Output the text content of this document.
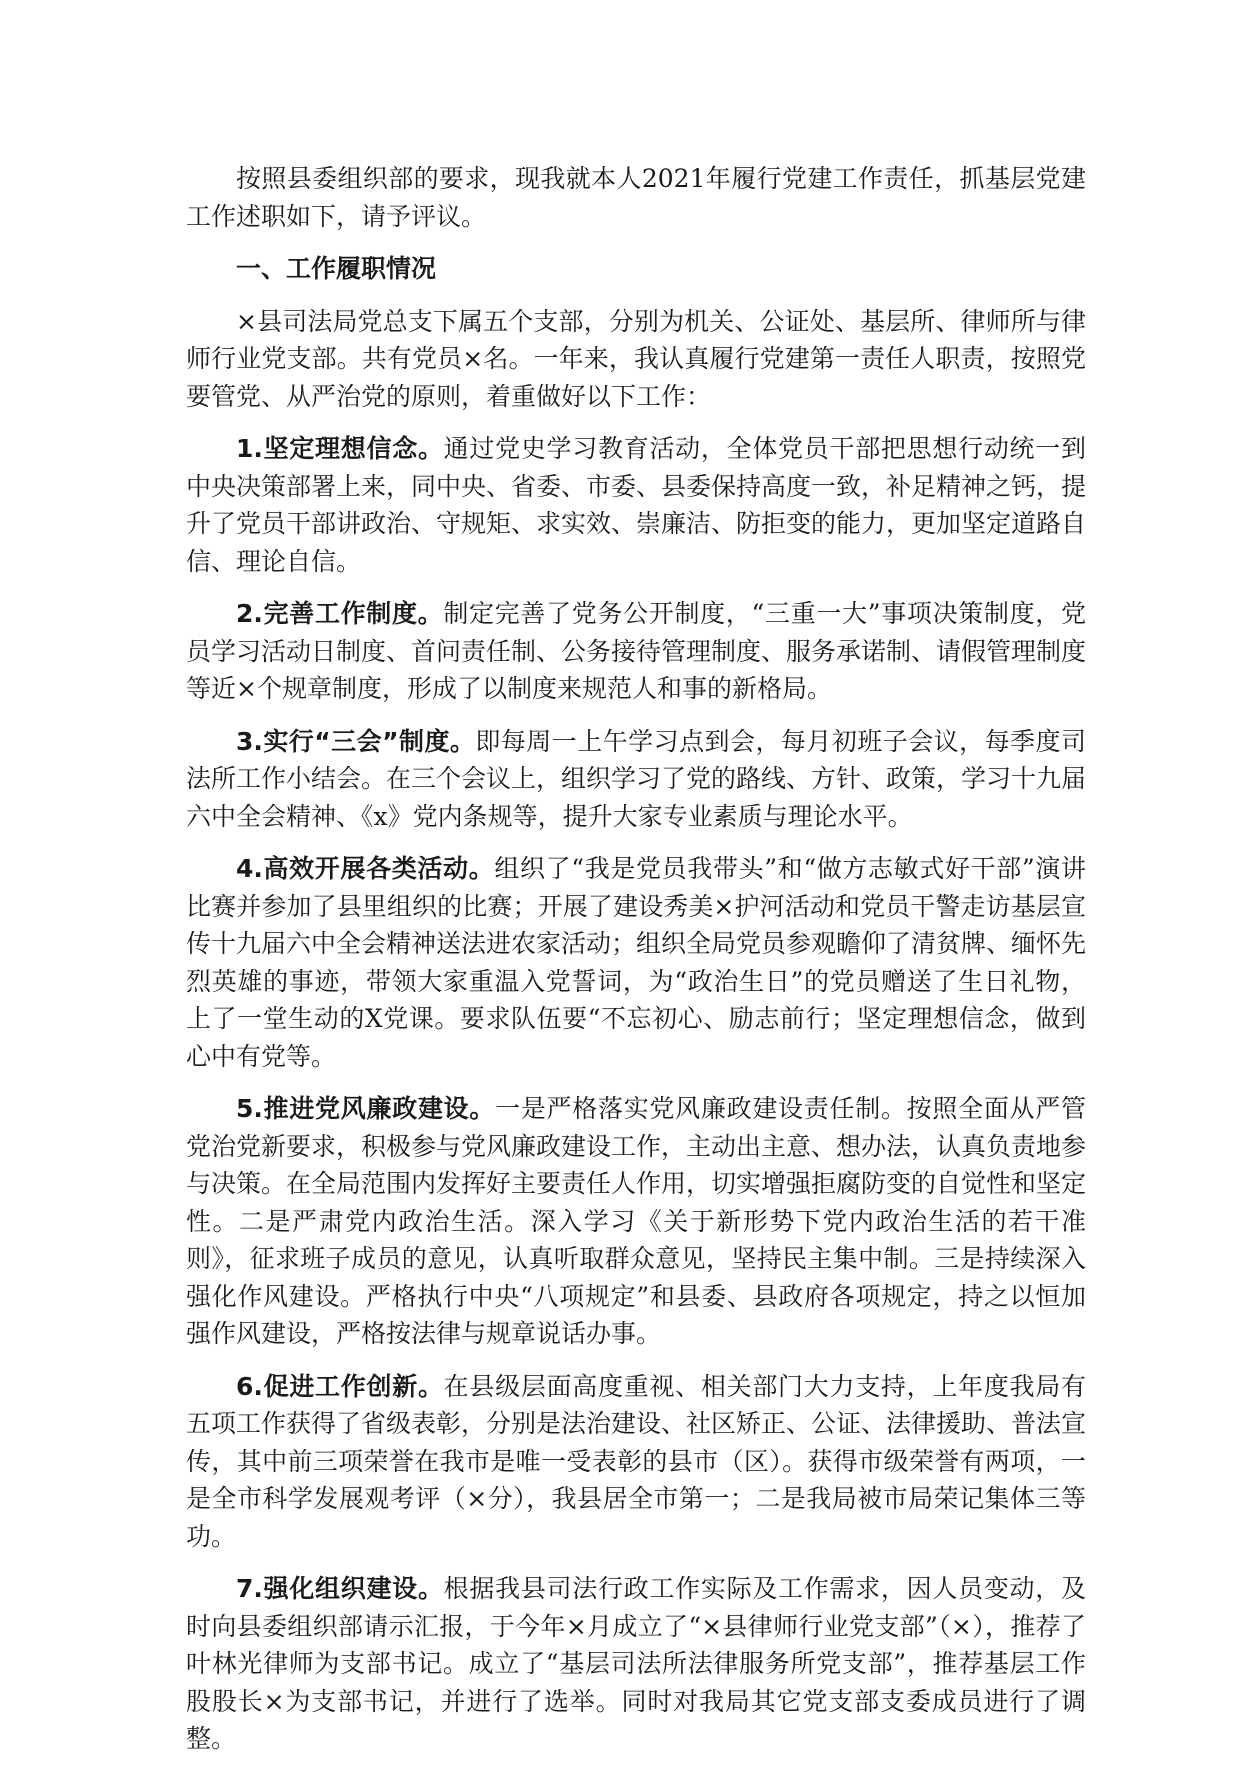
按照县委组织部的要求，现我就本人2021年履行党建工作责任，抓基层党建工作述职如下，请予评议。

一、工作履职情况

×县司法局党总支下属五个支部，分别为机关、公证处、基层所、律师所与律师行业党支部。共有党员×名。一年来，我认真履行党建第一责任人职责，按照党要管党、从严治党的原则，着重做好以下工作：

1.坚定理想信念。通过党史学习教育活动，全体党员干部把思想行动统一到中央决策部署上来，同中央、省委、市委、县委保持高度一致，补足精神之钙，提升了党员干部讲政治、守规矩、求实效、崇廉洁、防拒变的能力，更加坚定道路自信、理论自信。

2.完善工作制度。制定完善了党务公开制度，“三重一大”事项决策制度，党员学习活动日制度、首问责任制、公务接待管理制度、服务承诺制、请假管理制度等近×个规章制度，形成了以制度来规范人和事的新格局。

3.实行“三会”制度。即每周一上午学习点到会，每月初班子会议，每季度司法所工作小结会。在三个会议上，组织学习了党的路线、方针、政策，学习十九届六中全会精神、《x》党内条规等，提升大家专业素质与理论水平。

4.高效开展各类活动。组织了“我是党员我带头”和“做方志敏式好干部”演讲比赛并参加了县里组织的比赛；开展了建设秀美×护河活动和党员干警走访基层宣传十九届六中全会精神送法进农家活动；组织全局党员参观瞻仰了清贫牌、缅怀先烈英雄的事迹，带领大家重温入党誓词，为“政治生日”的党员赠送了生日礼物，上了一堂生动的X党课。要求队伍要“不忘初心、励志前行；坚定理想信念，做到心中有党等。

5.推进党风廉政建设。一是严格落实党风廉政建设责任制。按照全面从严管党治党新要求，积极参与党风廉政建设工作，主动出主意、想办法，认真负责地参与决策。在全局范围内发挥好主要责任人作用，切实增强拒腐防变的自觉性和坚定性。二是严肃党内政治生活。深入学习《关于新形势下党内政治生活的若干准则》，征求班子成员的意见，认真听取群众意见，坚持民主集中制。三是持续深入强化作风建设。严格执行中央“八项规定”和县委、县政府各项规定，持之以恒加强作风建设，严格按法律与规章说话办事。

6.促进工作创新。在县级层面高度重视、相关部门大力支持，上年度我局有五项工作获得了省级表彰，分别是法治建设、社区矫正、公证、法律援助、普法宣传，其中前三项荣誉在我市是唯一受表彰的县市（区）。获得市级荣誉有两项，一是全市科学发展观考评（×分），我县居全市第一；二是我局被市局荣记集体三等功。

7.强化组织建设。根据我县司法行政工作实际及工作需求，因人员变动，及时向县委组织部请示汇报，于今年×月成立了“×县律师行业党支部”（×），推荐了叶林光律师为支部书记。成立了“基层司法所法律服务所党支部”，推荐基层工作股股长×为支部书记，并进行了选举。同时对我局其它党支部支委成员进行了调整。
